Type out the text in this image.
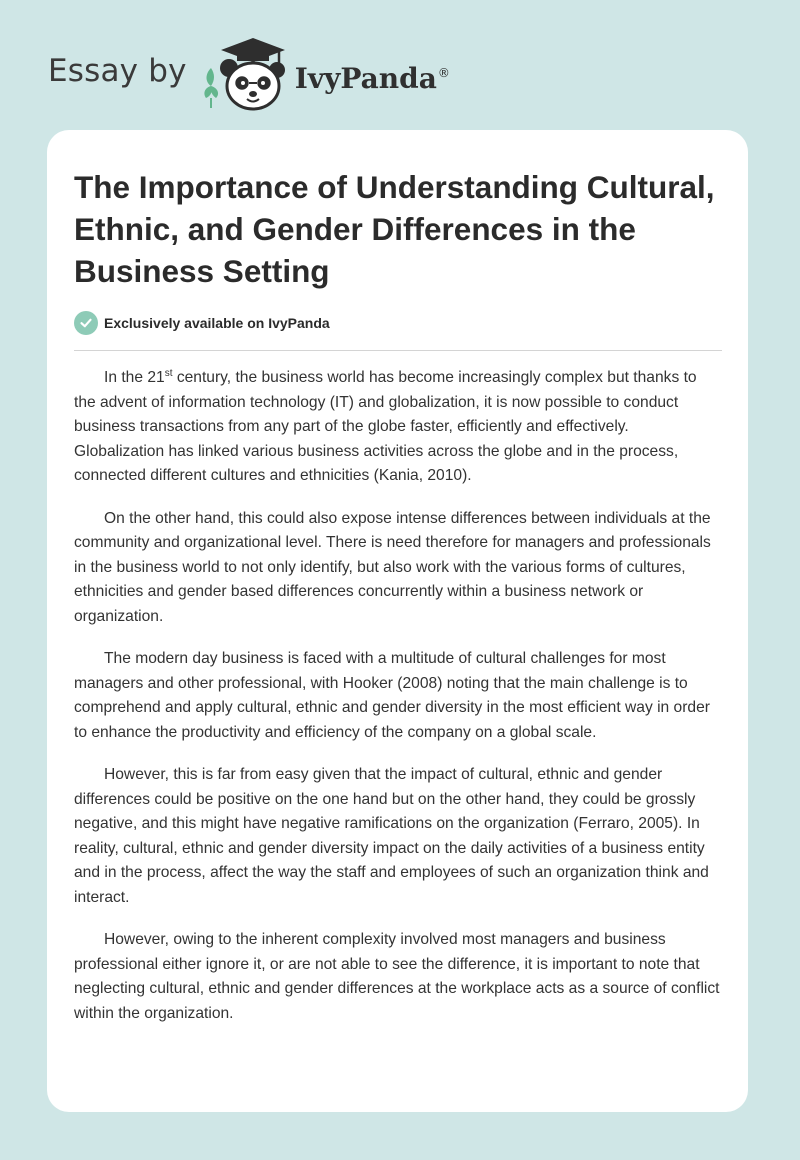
Essay by	IvyPanda®
The Importance of Understanding Cultural, Ethnic, and Gender Differences in the Business Setting
Exclusively available on IvyPanda

In the 21st century, the business world has become increasingly complex but thanks to the advent of information technology (IT) and globalization, it is now possible to conduct business transactions from any part of the globe faster, efficiently and effectively. Globalization has linked various business activities across the globe and in the process, connected different cultures and ethnicities (Kania, 2010).

On the other hand, this could also expose intense differences between individuals at the community and organizational level. There is need therefore for managers and professionals in the business world to not only identify, but also work with the various forms of cultures, ethnicities and gender based differences concurrently within a business network or organization.

The modern day business is faced with a multitude of cultural challenges for most managers and other professional, with Hooker (2008) noting that the main challenge is to comprehend and apply cultural, ethnic and gender diversity in the most efficient way in order to enhance the productivity and efficiency of the company on a global scale.

However, this is far from easy given that the impact of cultural, ethnic and gender differences could be positive on the one hand but on the other hand, they could be grossly negative, and this might have negative ramifications on the organization (Ferraro, 2005). In reality, cultural, ethnic and gender diversity impact on the daily activities of a business entity and in the process, affect the way the staff and employees of such an organization think and interact.

However, owing to the inherent complexity involved most managers and business professional either ignore it, or are not able to see the difference, it is important to note that neglecting cultural, ethnic and gender differences at the workplace acts as a source of conflict within the organization.
